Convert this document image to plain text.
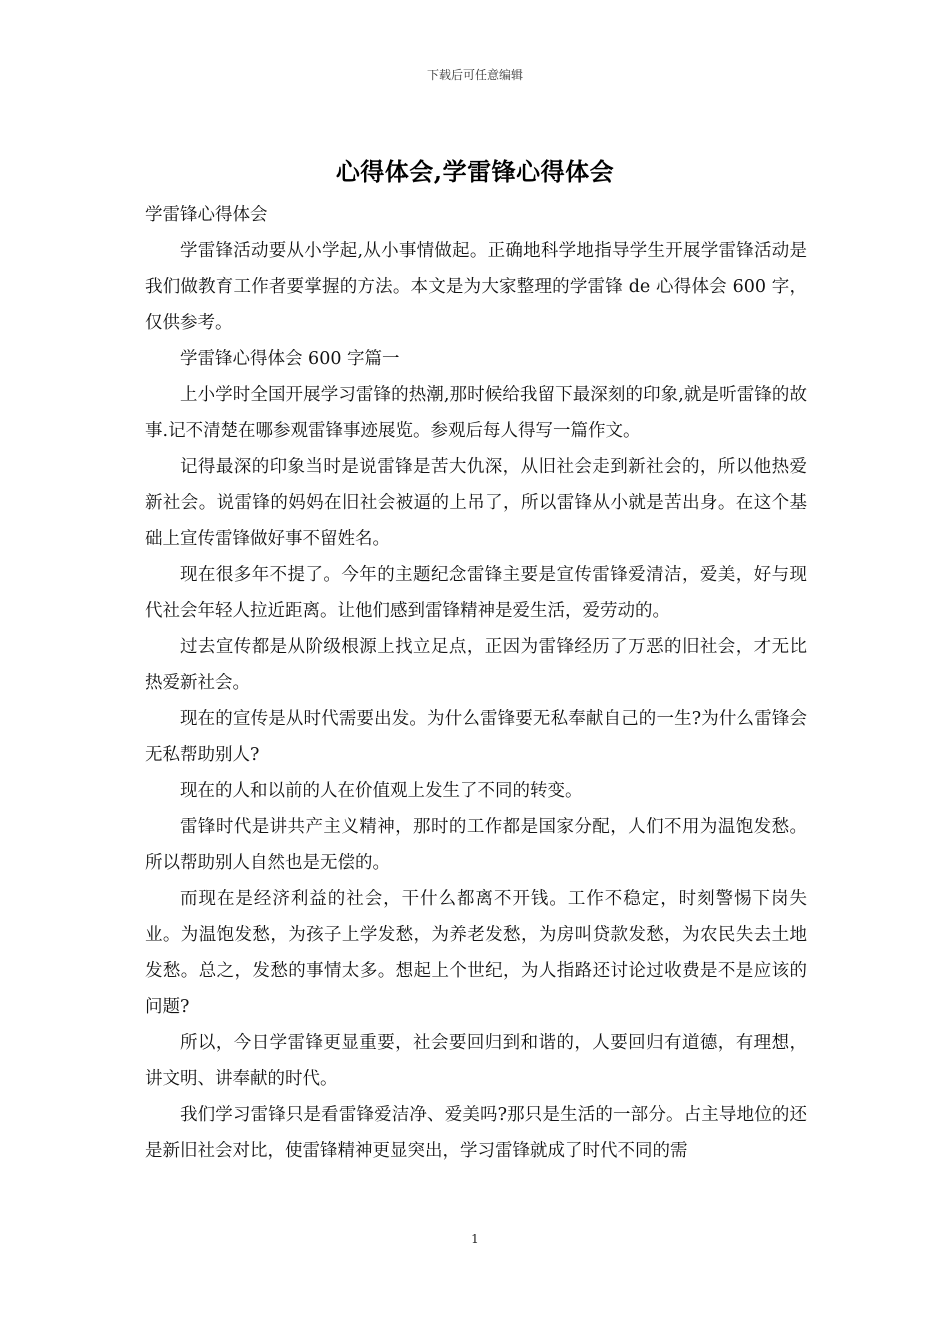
下载后可任意编辑
心得体会,学雷锋心得体会

学雷锋心得体会

学雷锋活动要从小学起,从小事情做起。正确地科学地指导学生开展学雷锋活动是我们做教育工作者要掌握的方法。本文是为大家整理的学雷锋 de 心得体会 600 字，仅供参考。

学雷锋心得体会 600 字篇一

上小学时全国开展学习雷锋的热潮,那时候给我留下最深刻的印象,就是听雷锋的故事.记不清楚在哪参观雷锋事迹展览。参观后每人得写一篇作文。

记得最深的印象当时是说雷锋是苦大仇深，从旧社会走到新社会的，所以他热爱新社会。说雷锋的妈妈在旧社会被逼的上吊了，所以雷锋从小就是苦出身。在这个基础上宣传雷锋做好事不留姓名。

现在很多年不提了。今年的主题纪念雷锋主要是宣传雷锋爱清洁，爱美，好与现代社会年轻人拉近距离。让他们感到雷锋精神是爱生活，爱劳动的。

过去宣传都是从阶级根源上找立足点，正因为雷锋经历了万恶的旧社会，才无比热爱新社会。

现在的宣传是从时代需要出发。为什么雷锋要无私奉献自己的一生?为什么雷锋会无私帮助别人?

现在的人和以前的人在价值观上发生了不同的转变。

雷锋时代是讲共产主义精神，那时的工作都是国家分配，人们不用为温饱发愁。所以帮助别人自然也是无偿的。

而现在是经济利益的社会，干什么都离不开钱。工作不稳定，时刻警惕下岗失业。为温饱发愁，为孩子上学发愁，为养老发愁，为房叫贷款发愁，为农民失去土地发愁。总之，发愁的事情太多。想起上个世纪，为人指路还讨论过收费是不是应该的问题?

所以，今日学雷锋更显重要，社会要回归到和谐的，人要回归有道德，有理想，讲文明、讲奉献的时代。

我们学习雷锋只是看雷锋爱洁净、爱美吗?那只是生活的一部分。占主导地位的还是新旧社会对比，使雷锋精神更显突出，学习雷锋就成了时代不同的需

1
